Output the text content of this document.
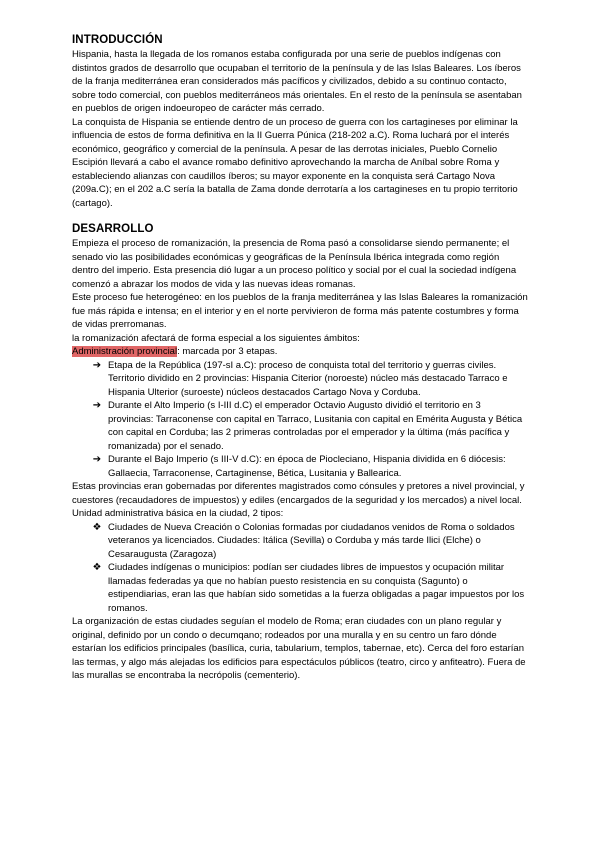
INTRODUCCIÓN

Hispania, hasta la llegada de los romanos estaba configurada por una serie de pueblos indígenas con distintos grados de desarrollo que ocupaban el territorio de la península y de las Islas Baleares. Los íberos de la franja mediterránea eran considerados más pacíficos y civilizados, debido a su continuo contacto, sobre todo comercial, con pueblos mediterráneos más orientales. En el resto de la península se asentaban en pueblos de origen indoeuropeo de carácter más cerrado.

La conquista de Hispania se entiende dentro de un proceso de guerra con los cartagineses por eliminar la influencia de estos de forma definitiva en la II Guerra Púnica (218-202 a.C). Roma luchará por el interés económico, geográfico y comercial de la península. A pesar de las derrotas iniciales, Pueblo Cornelio Escipión llevará a cabo el avance romabo definitivo aprovechando la marcha de Aníbal sobre Roma y estableciendo alianzas con caudillos íberos; su mayor exponente en la conquista será Cartago Nova (209a.C); en el 202 a.C sería la batalla de Zama donde derrotaría a los cartagineses en tu propio territorio (cartago).

DESARROLLO

Empieza el proceso de romanización, la presencia de Roma pasó a consolidarse siendo permanente; el senado vio las posibilidades económicas y geográficas de la Península Ibérica integrada como región dentro del imperio. Esta presencia dió lugar a un proceso político y social por el cual la sociedad indígena comenzó a abrazar los modos de vida y las nuevas ideas romanas.

Este proceso fue heterogéneo: en los pueblos de la franja mediterránea y las Islas Baleares la romanización fue más rápida e intensa; en el interior y en el norte pervivieron de forma más patente costumbres y forma de vidas prerromanas.

la romanización afectará de forma especial a los siguientes ámbitos:

Administración provincial: marcada por 3 etapas.

➔ Etapa de la República (197-sI a.C): proceso de conquista total del territorio y guerras civiles. Territorio dividido en 2 provincias: Hispania Citerior (noroeste) núcleo más destacado Tarraco e Hispania Ulterior (suroeste) núcleos destacados Cartago Nova y Corduba.
➔ Durante el Alto Imperio (s I-III d.C) el emperador Octavio Augusto dividió el territorio en 3 provincias: Tarraconense con capital en Tarraco, Lusitania con capital en Emérita Augusta y Bética con capital en Corduba; las 2 primeras controladas por el emperador y la última (más pacífica y romanizada) por el senado.
➔ Durante el Bajo Imperio (s III-V d.C): en época de Piocleciano, Hispania dividida en 6 diócesis: Gallaecia, Tarraconense, Cartaginense, Bética, Lusitania y Ballearica.

Estas provincias eran gobernadas por diferentes magistrados como cónsules y pretores a nivel provincial, y cuestores (recaudadores de impuestos) y ediles (encargados de la seguridad y los mercados) a nivel local.

Unidad administrativa básica en la ciudad, 2 tipos:

❖ Ciudades de Nueva Creación o Colonias formadas por ciudadanos venidos de Roma o soldados veteranos ya licenciados. Ciudades: Itálica (Sevilla) o Corduba y más tarde Ilici (Elche) o Cesaraugusta (Zaragoza)
❖ Ciudades indígenas o municipios: podían ser ciudades libres de impuestos y ocupación militar llamadas federadas ya que no habían puesto resistencia en su conquista (Sagunto) o estipendiarias, eran las que habían sido sometidas a la fuerza obligadas a pagar impuestos por los romanos.

La organización de estas ciudades seguían el modelo de Roma; eran ciudades con un plano regular y original, definido por un condo o decumqano; rodeados por una muralla y en su centro un faro dónde estarían los edificios principales (basílica, curia, tabularium, templos, tabernae, etc). Cerca del foro estarían las termas, y algo más alejadas los edificios para espectáculos públicos (teatro, circo y anfiteatro). Fuera de las murallas se encontraba la necrópolis (cementerio).
